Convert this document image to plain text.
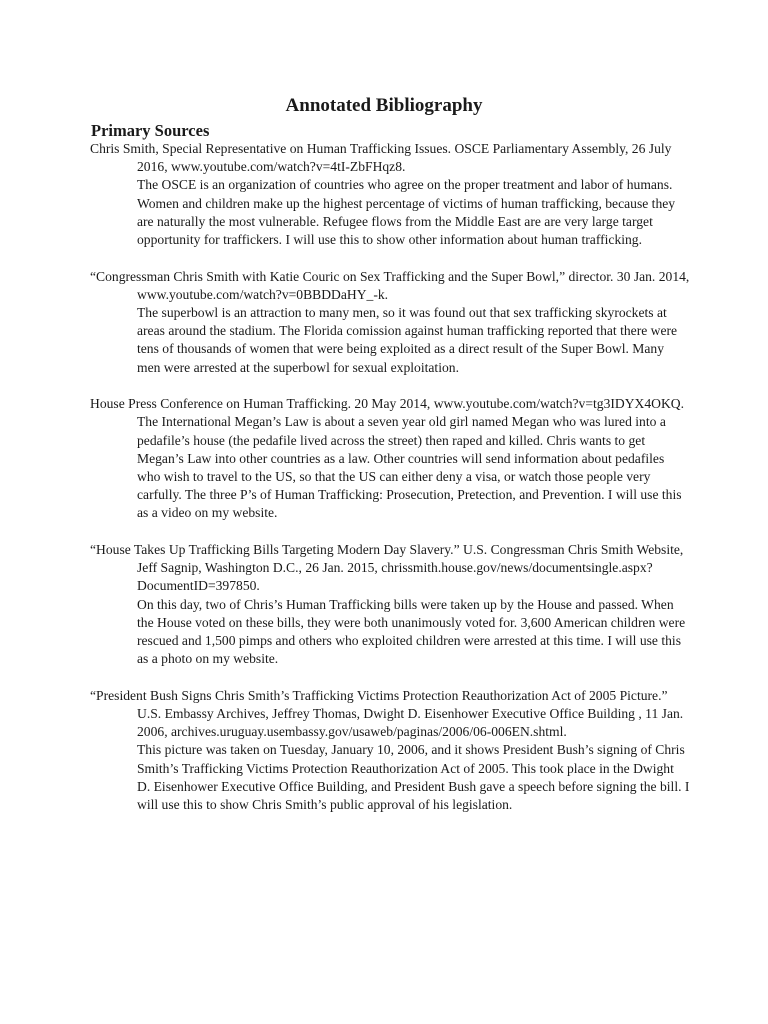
Annotated Bibliography
Primary Sources

Chris Smith, Special Representative on Human Trafficking Issues. OSCE Parliamentary Assembly, 26 July 2016, www.youtube.com/watch?v=4tI-ZbFHqz8.
The OSCE is an organization of countries who agree on the proper treatment and labor of humans. Women and children make up the highest percentage of victims of human trafficking, because they are naturally the most vulnerable. Refugee flows from the Middle East are are very large target opportunity for traffickers. I will use this to show other information about human trafficking.

“Congressman Chris Smith with Katie Couric on Sex Trafficking and the Super Bowl,” director. 30 Jan. 2014, www.youtube.com/watch?v=0BBDDaHY_-k.
The superbowl is an attraction to many men, so it was found out that sex trafficking skyrockets at areas around the stadium. The Florida comission against human trafficking reported that there were tens of thousands of women that were being exploited as a direct result of the Super Bowl. Many men were arrested at the superbowl for sexual exploitation.

House Press Conference on Human Trafficking. 20 May 2014, www.youtube.com/watch?v=tg3IDYX4OKQ.
The International Megan’s Law is about a seven year old girl named Megan who was lured into a pedafile’s house (the pedafile lived across the street) then raped and killed. Chris wants to get Megan’s Law into other countries as a law. Other countries will send information about pedafiles who wish to travel to the US, so that the US can either deny a visa, or watch those people very carfully. The three P’s of Human Trafficking: Prosecution, Pretection, and Prevention. I will use this as a video on my website.

“House Takes Up Trafficking Bills Targeting Modern Day Slavery.” U.S. Congressman Chris Smith Website, Jeff Sagnip, Washington D.C., 26 Jan. 2015, chrissmith.house.gov/news/documentsingle.aspx?DocumentID=397850.
On this day, two of Chris’s Human Trafficking bills were taken up by the House and passed. When the House voted on these bills, they were both unanimously voted for. 3,600 American children were rescued and 1,500 pimps and others who exploited children were arrested at this time. I will use this as a photo on my website.

“President Bush Signs Chris Smith’s Trafficking Victims Protection Reauthorization Act of 2005 Picture.” U.S. Embassy Archives, Jeffrey Thomas, Dwight D. Eisenhower Executive Office Building , 11 Jan. 2006, archives.uruguay.usembassy.gov/usaweb/paginas/2006/06-006EN.shtml.
This picture was taken on Tuesday, January 10, 2006, and it shows President Bush’s signing of Chris Smith’s Trafficking Victims Protection Reauthorization Act of 2005. This took place in the Dwight D. Eisenhower Executive Office Building, and President Bush gave a speech before signing the bill. I will use this to show Chris Smith’s public approval of his legislation.
